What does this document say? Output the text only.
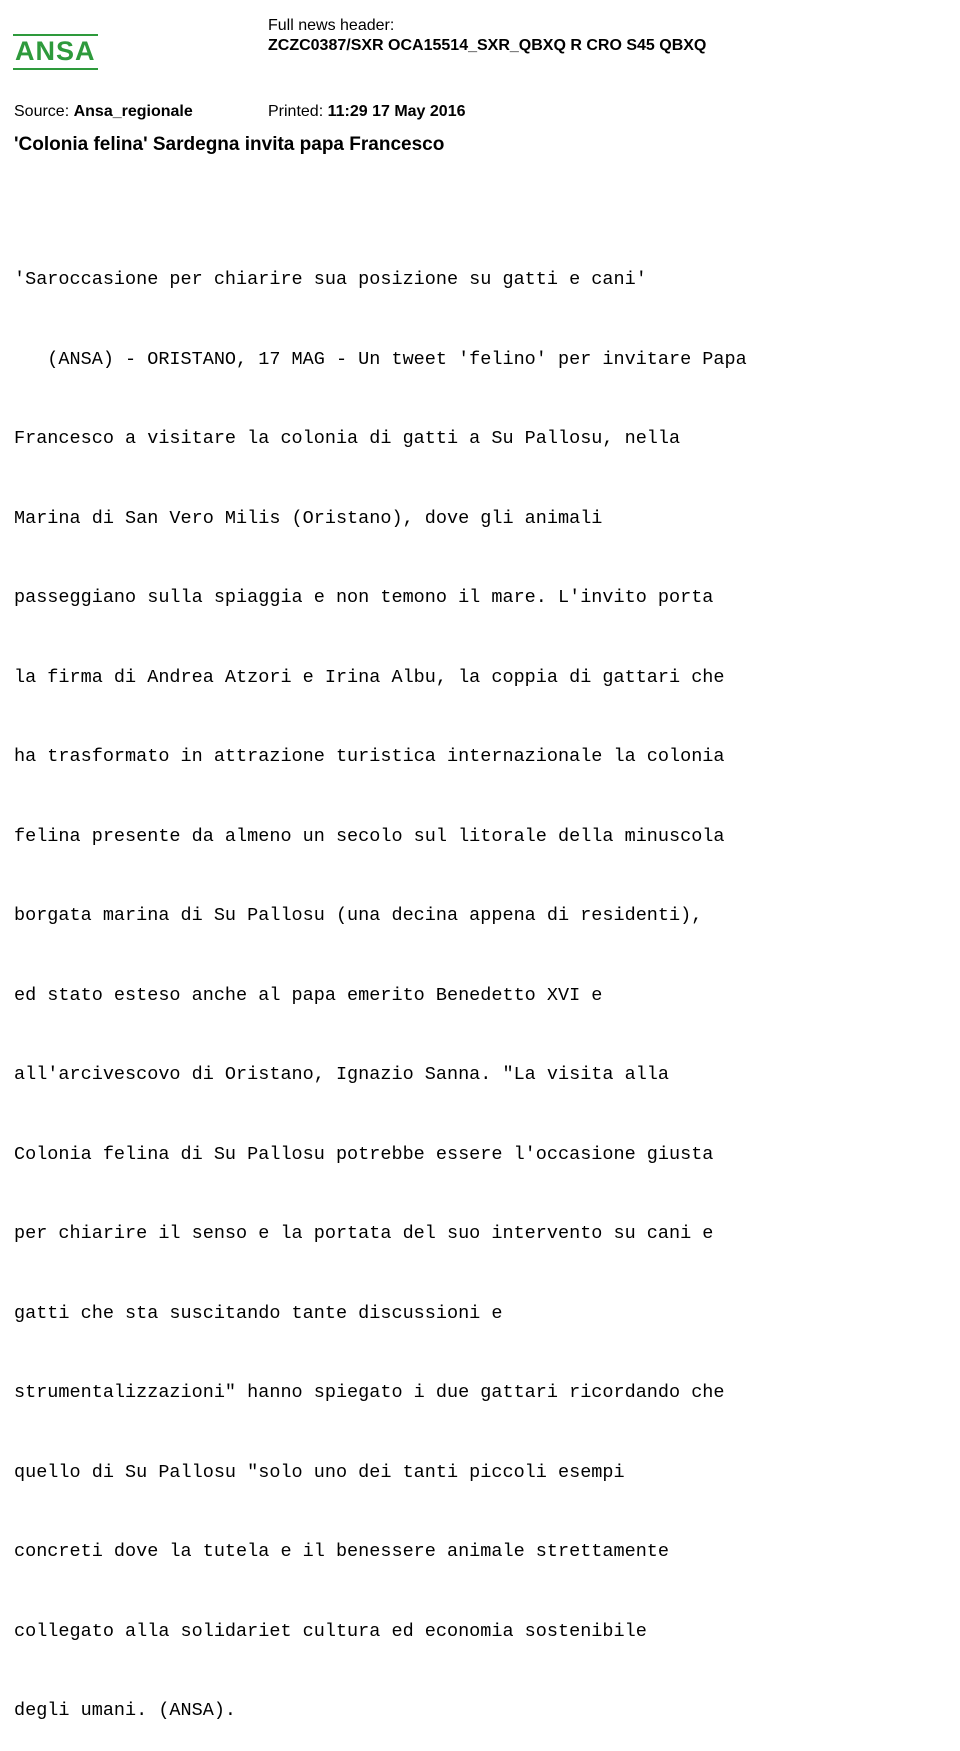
ANSA
Full news header:
ZCZC0387/SXR OCA15514_SXR_QBXQ R CRO S45 QBXQ
Source: Ansa_regionale	Printed: 11:29 17 May 2016
'Colonia felina' Sardegna invita papa Francesco

'Saroccasione per chiarire sua posizione su gatti e cani'

(ANSA) - ORISTANO, 17 MAG - Un tweet 'felino' per invitare Papa

Francesco a visitare la colonia di gatti a Su Pallosu, nella

Marina di San Vero Milis (Oristano), dove gli animali

passeggiano sulla spiaggia e non temono il mare. L'invito porta

la firma di Andrea Atzori e Irina Albu, la coppia di gattari che

ha trasformato in attrazione turistica internazionale la colonia

felina presente da almeno un secolo sul litorale della minuscola

borgata marina di Su Pallosu (una decina appena di residenti),

ed stato esteso anche al papa emerito Benedetto XVI e

all'arcivescovo di Oristano, Ignazio Sanna. "La visita alla

Colonia felina di Su Pallosu potrebbe essere l'occasione giusta

per chiarire il senso e la portata del suo intervento su cani e

gatti che sta suscitando tante discussioni e

strumentalizzazioni" hanno spiegato i due gattari ricordando che

quello di Su Pallosu "solo uno dei tanti piccoli esempi

concreti dove la tutela e il benessere animale strettamente

collegato alla solidariet cultura ed economia sostenibile

degli umani. (ANSA).
